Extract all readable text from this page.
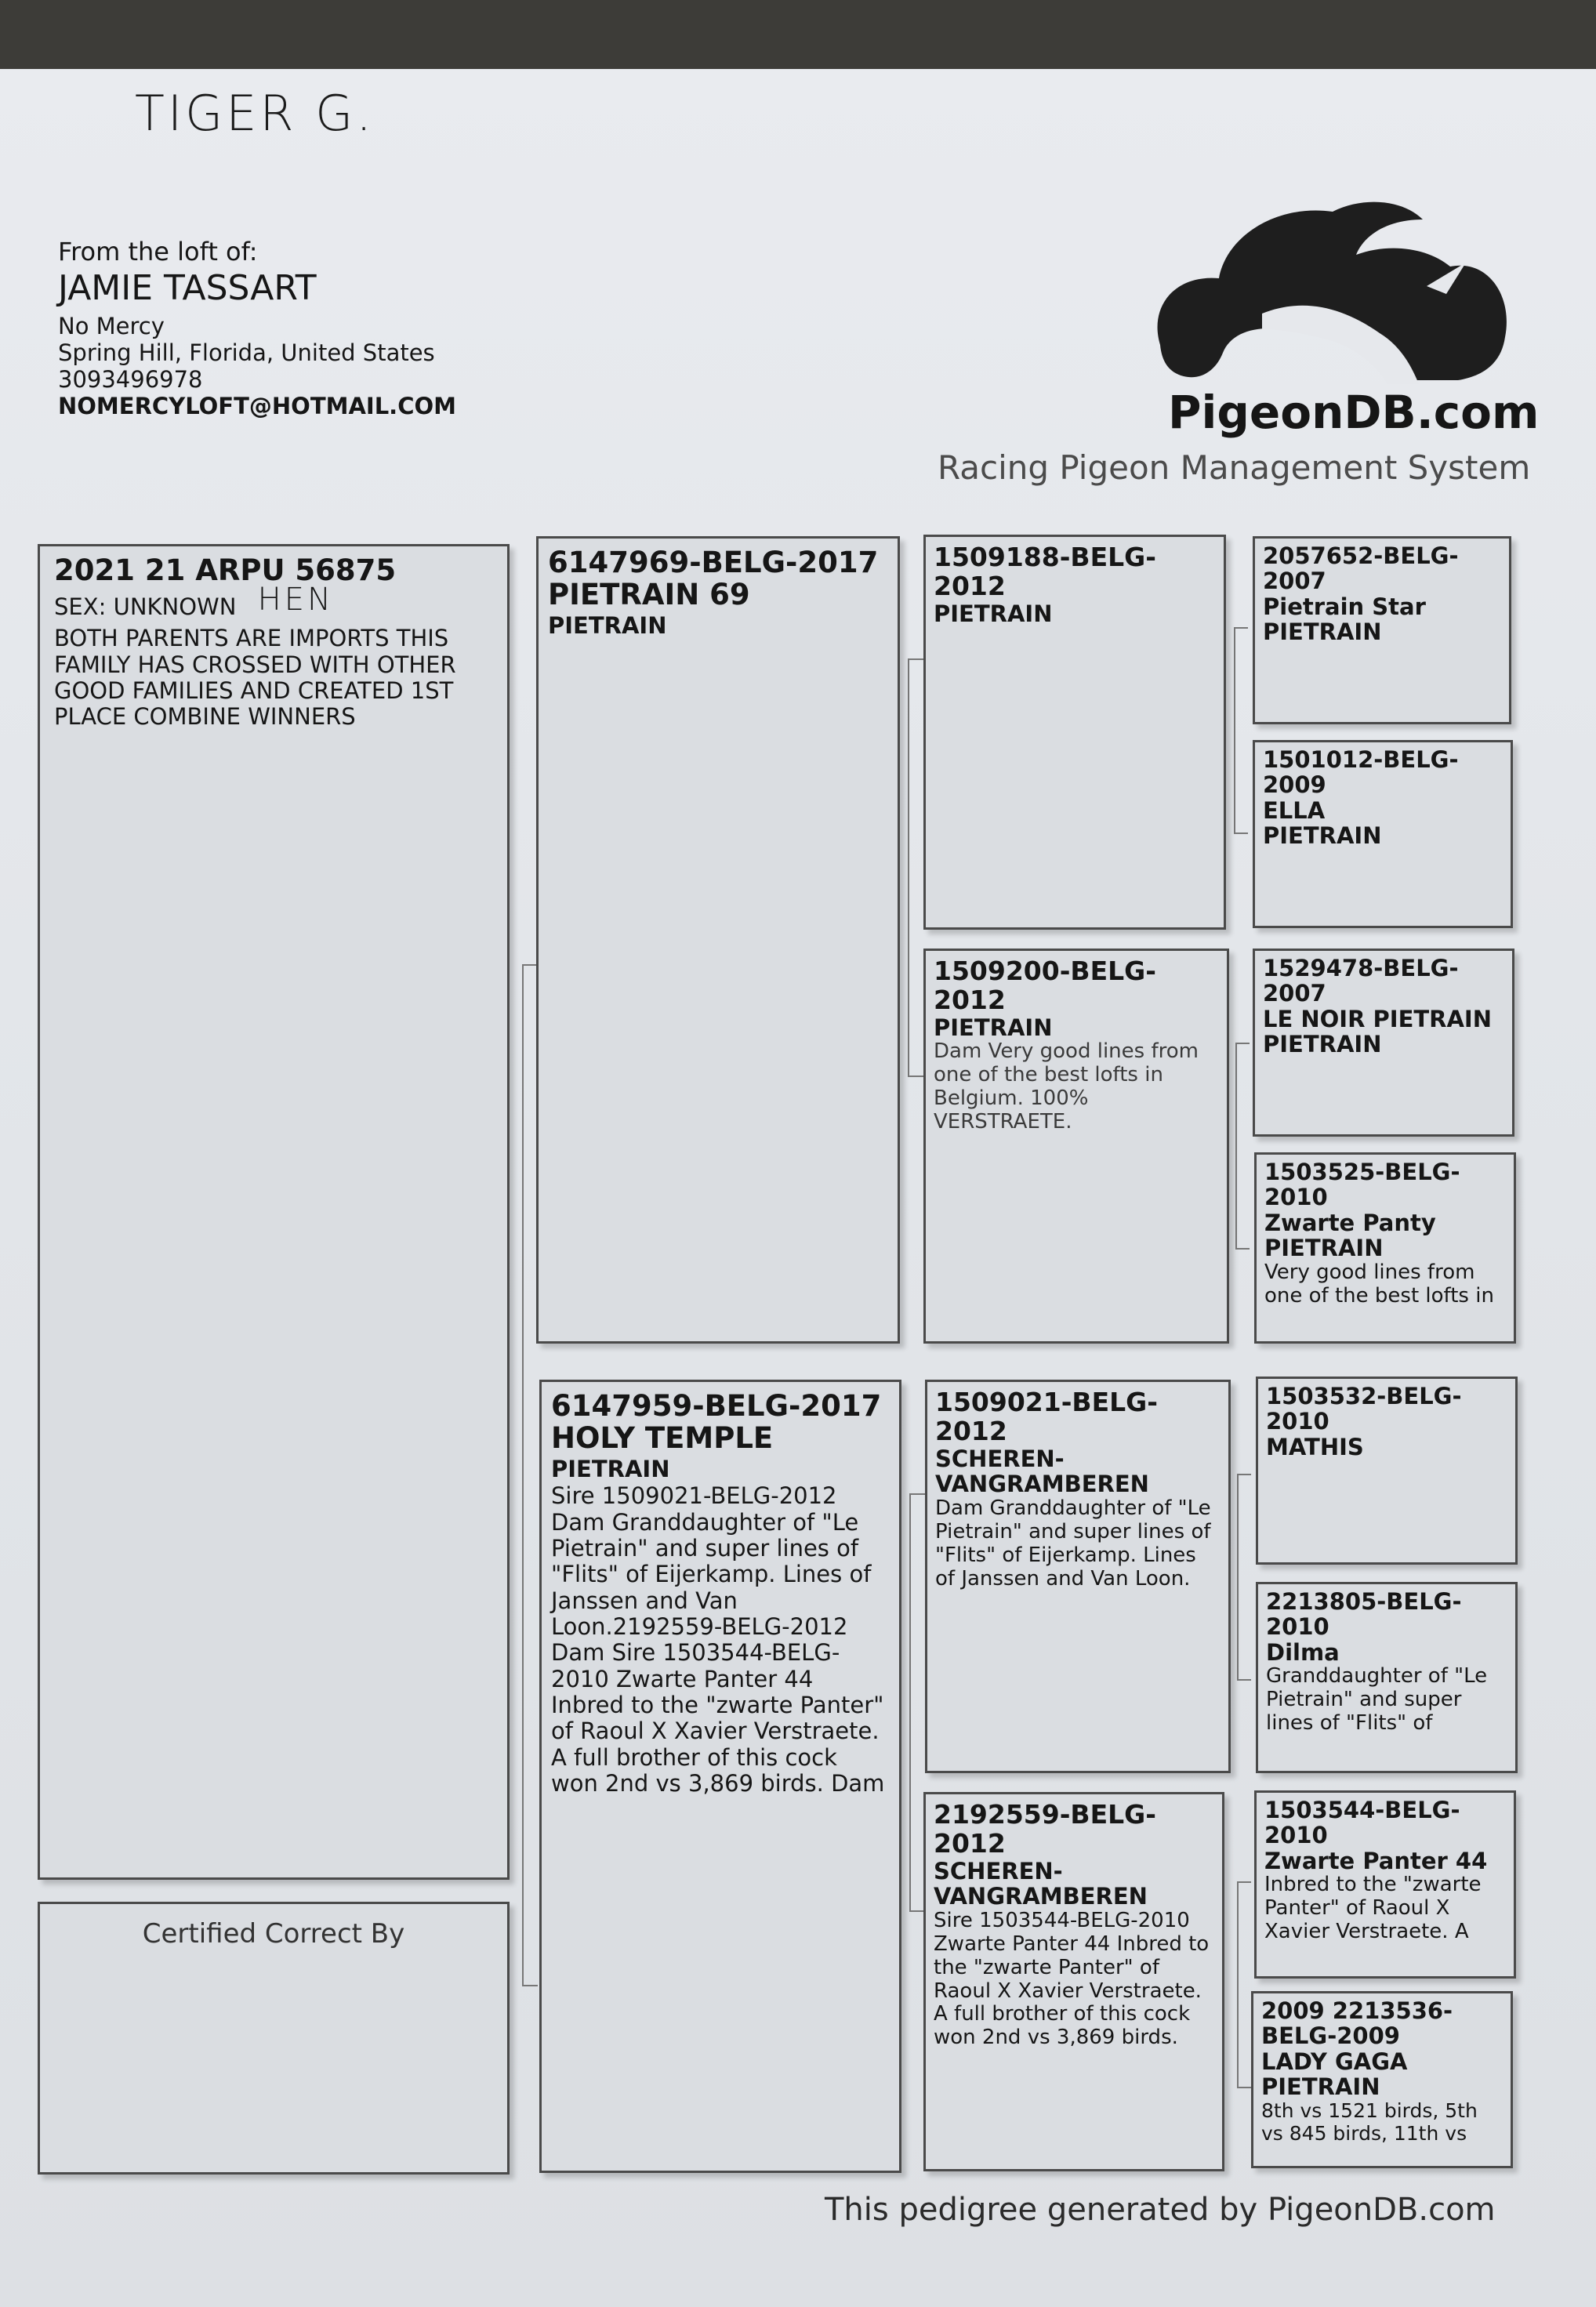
TIGER G.
From the loft of:
JAMIE TASSART
No Mercy
Spring Hill, Florida, United States
3093496978
NOMERCYLOFT@HOTMAIL.COM	PigeonDB.com
Racing Pigeon Management System
2021 21 ARPU 56875
SEX: UNKNOWN HEN
BOTH PARENTS ARE IMPORTS THIS FAMILY HAS CROSSED WITH OTHER GOOD FAMILIES AND CREATED 1ST PLACE COMBINE WINNERS
Certified Correct By
6147969-BELG-2017
PIETRAIN 69
PIETRAIN
6147959-BELG-2017
HOLY TEMPLE
PIETRAIN
Sire 1509021-BELG-2012 Dam Granddaughter of "Le Pietrain" and super lines of "Flits" of Eijerkamp. Lines of Janssen and Van Loon.2192559-BELG-2012 Dam Sire 1503544-BELG-2010 Zwarte Panter 44 Inbred to the "zwarte Panter" of Raoul X Xavier Verstraete. A full brother of this cock won 2nd vs 3,869 birds. Dam
1509188-BELG-2012
PIETRAIN
1509200-BELG-2012
PIETRAIN
Dam Very good lines from one of the best lofts in Belgium. 100% VERSTRAETE.
1509021-BELG-2012
SCHEREN-VANGRAMBEREN
Dam Granddaughter of "Le Pietrain" and super lines of "Flits" of Eijerkamp. Lines of Janssen and Van Loon.
2192559-BELG-2012
SCHEREN-VANGRAMBEREN
Sire 1503544-BELG-2010 Zwarte Panter 44 Inbred to the "zwarte Panter" of Raoul X Xavier Verstraete. A full brother of this cock won 2nd vs 3,869 birds.
2057652-BELG-2007
Pietrain Star
PIETRAIN
1501012-BELG-2009
ELLA
PIETRAIN
1529478-BELG-2007
LE NOIR PIETRAIN
PIETRAIN
1503525-BELG-2010
Zwarte Panty
PIETRAIN
Very good lines from one of the best lofts in
1503532-BELG-2010
MATHIS
2213805-BELG-2010
Dilma
Granddaughter of "Le Pietrain" and super lines of "Flits" of
1503544-BELG-2010
Zwarte Panter 44
Inbred to the "zwarte Panter" of Raoul X Xavier Verstraete. A
2009 2213536-BELG-2009
LADY GAGA
PIETRAIN
8th vs 1521 birds, 5th vs 845 birds, 11th vs
This pedigree generated by PigeonDB.com
